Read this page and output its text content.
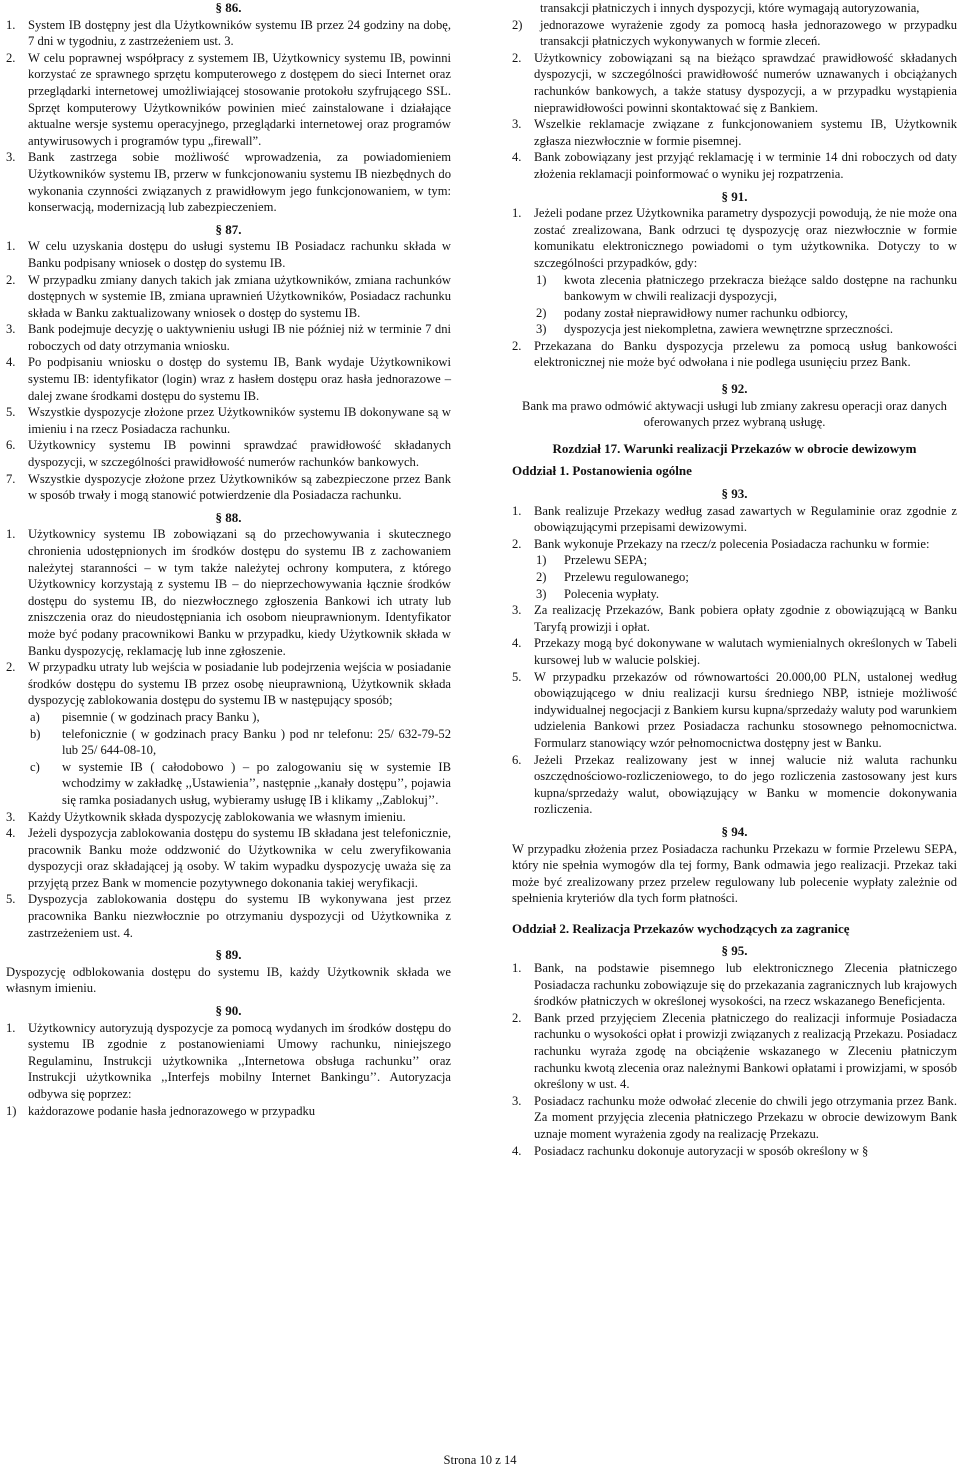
§ 86.
1. System IB dostępny jest dla Użytkowników systemu IB przez 24 godziny na dobę, 7 dni w tygodniu, z zastrzeżeniem ust. 3.
2. W celu poprawnej współpracy z systemem IB, Użytkownicy systemu IB, powinni korzystać ze sprawnego sprzętu komputerowego z dostępem do sieci Internet oraz przeglądarki internetowej umożliwiającej stosowanie protokołu szyfrującego SSL. Sprzęt komputerowy Użytkowników powinien mieć zainstalowane i działające aktualne wersje systemu operacyjnego, przeglądarki internetowej oraz programów antywirusowych i programów typu „firewall”.
3. Bank zastrzega sobie możliwość wprowadzenia, za powiadomieniem Użytkowników systemu IB, przerw w funkcjonowaniu systemu IB niezbędnych do wykonania czynności związanych z prawidłowym jego funkcjonowaniem, w tym: konserwacją, modernizacją lub zabezpieczeniem.
§ 87.
1. W celu uzyskania dostępu do usługi systemu IB Posiadacz rachunku składa w Banku podpisany wniosek o dostęp do systemu IB.
2. W przypadku zmiany danych takich jak zmiana użytkowników, zmiana rachunków dostępnych w systemie IB, zmiana uprawnień Użytkowników, Posiadacz rachunku składa w Banku zaktualizowany wniosek o dostęp do systemu IB.
3. Bank podejmuje decyzję o uaktywnieniu usługi IB nie później niż w terminie 7 dni roboczych od daty otrzymania wniosku.
4. Po podpisaniu wniosku o dostęp do systemu IB, Bank wydaje Użytkownikowi systemu IB: identyfikator (login) wraz z hasłem dostępu oraz hasła jednorazowe – dalej zwane środkami dostępu do systemu IB.
5. Wszystkie dyspozycje złożone przez Użytkowników systemu IB dokonywane są w imieniu i na rzecz Posiadacza rachunku.
6. Użytkownicy systemu IB powinni sprawdzać prawidłowość składanych dyspozycji, w szczególności prawidłowość numerów rachunków bankowych.
7. Wszystkie dyspozycje złożone przez Użytkowników są zabezpieczone przez Bank w sposób trwały i mogą stanowić potwierdzenie dla Posiadacza rachunku.
§ 88.
1. Użytkownicy systemu IB zobowiązani są do przechowywania i skutecznego chronienia udostępnionych im środków dostępu do systemu IB z zachowaniem należytej staranności – w tym także należytej ochrony komputera, z którego Użytkownicy korzystają z systemu IB – do nieprzechowywania łącznie środków dostępu do systemu IB, do niezwłocznego zgłoszenia Bankowi ich utraty lub zniszczenia oraz do nieudostępniania ich osobom nieuprawnionym. Identyfikator może być podany pracownikowi Banku w przypadku, kiedy Użytkownik składa w Banku dyspozycję, reklamację lub inne zgłoszenie.
2. W przypadku utraty lub wejścia w posiadanie lub podejrzenia wejścia w posiadanie środków dostępu do systemu IB przez osobę nieuprawnioną, Użytkownik składa dyspozycję zablokowania dostępu do systemu IB w następujący sposób;
a)	pisemnie ( w godzinach pracy Banku ),
b)	telefonicznie ( w godzinach pracy Banku ) pod nr telefonu: 25/ 632-79-52 lub 25/ 644-08-10,
c)	w systemie IB ( całodobowo ) – po zalogowaniu się w systemie IB wchodzimy w zakładkę ,,Ustawienia’’, następnie ,,kanały dostępu’’, pojawia się ramka posiadanych usług, wybieramy usługę IB i klikamy ,,Zablokuj’’.
3. Każdy Użytkownik składa dyspozycję zablokowania we własnym imieniu.
4. Jeżeli dyspozycja zablokowania dostępu do systemu IB składana jest telefonicznie, pracownik Banku może oddzwonić do Użytkownika w celu zweryfikowania dyspozycji oraz składającej ją osoby. W takim wypadku dyspozycję uważa się za przyjętą przez Bank w momencie pozytywnego dokonania takiej weryfikacji.
5. Dyspozycja zablokowania dostępu do systemu IB wykonywana jest przez pracownika Banku niezwłocznie po otrzymaniu dyspozycji od Użytkownika z zastrzeżeniem ust. 4.
§ 89.

Dyspozycję odblokowania dostępu do systemu IB, każdy Użytkownik składa we własnym imieniu.

§ 90.
1. Użytkownicy autoryzują dyspozycje za pomocą wydanych im środków dostępu do systemu IB zgodnie z postanowieniami Umowy rachunku, niniejszego Regulaminu, Instrukcji użytkownika ,,Internetowa obsługa rachunku’’ oraz Instrukcji użytkownika ,,Interfejs mobilny Internet Bankingu’’. Autoryzacja odbywa się poprzez:
1) każdorazowe podanie hasła jednorazowego w przypadku
transakcji płatniczych i innych dyspozycji, które wymagają autoryzowania,
2)	jednorazowe wyrażenie zgody za pomocą hasła jednorazowego w przypadku transakcji płatniczych wykonywanych w formie zleceń.
2. Użytkownicy zobowiązani są na bieżąco sprawdzać prawidłowość składanych dyspozycji, w szczególności prawidłowość numerów uznawanych i obciążanych rachunków bankowych, a także statusy dyspozycji, a w przypadku wystąpienia nieprawidłowości powinni skontaktować się z Bankiem.
3. Wszelkie reklamacje związane z funkcjonowaniem systemu IB, Użytkownik zgłasza niezwłocznie w formie pisemnej.
4. Bank zobowiązany jest przyjąć reklamację i w terminie 14 dni roboczych od daty złożenia reklamacji poinformować o wyniku jej rozpatrzenia.
§ 91.
1. Jeżeli podane przez Użytkownika parametry dyspozycji powodują, że nie może ona zostać zrealizowana, Bank odrzuci tę dyspozycję oraz niezwłocznie w formie komunikatu elektronicznego powiadomi o tym użytkownika. Dotyczy to w szczególności przypadków, gdy:
1)	kwota zlecenia płatniczego przekracza bieżące saldo dostępne na rachunku bankowym w chwili realizacji dyspozycji,
2)	podany został nieprawidłowy numer rachunku odbiorcy,
3)	dyspozycja jest niekompletna, zawiera wewnętrzne sprzeczności.
2. Przekazana do Banku dyspozycja przelewu za pomocą usług bankowości elektronicznej nie może być odwołana i nie podlega usunięciu przez Bank.
§ 92.

Bank ma prawo odmówić aktywacji usługi lub zmiany zakresu operacji oraz danych oferowanych przez wybraną usługę.

Rozdział 17. Warunki realizacji Przekazów w obrocie dewizowym
Oddział 1. Postanowienia ogólne
§ 93.
1. Bank realizuje Przekazy według zasad zawartych w Regulaminie oraz zgodnie z obowiązującymi przepisami dewizowymi.
2. Bank wykonuje Przekazy na rzecz/z polecenia Posiadacza rachunku w formie:
1)	Przelewu SEPA;
2)	Przelewu regulowanego;
3)	Polecenia wypłaty.
3. Za realizację Przekazów, Bank pobiera opłaty zgodnie z obowiązującą w Banku Taryfą prowizji i opłat.
4. Przekazy mogą być dokonywane w walutach wymienialnych określonych w Tabeli kursowej lub w walucie polskiej.
5. W przypadku przekazów od równowartości 20.000,00 PLN, ustalonej według obowiązującego w dniu realizacji kursu średniego NBP, istnieje możliwość indywidualnej negocjacji z Bankiem kursu kupna/sprzedaży waluty pod warunkiem udzielenia Bankowi przez Posiadacza rachunku stosownego pełnomocnictwa. Formularz stanowiący wzór pełnomocnictwa dostępny jest w Banku.
6. Jeżeli Przekaz realizowany jest w innej walucie niż waluta rachunku oszczędnościowo-rozliczeniowego, to do jego rozliczenia zastosowany jest kurs kupna/sprzedaży walut, obowiązujący w Banku w momencie dokonywania rozliczenia.
§ 94.

W przypadku złożenia przez Posiadacza rachunku Przekazu w formie Przelewu SEPA, który nie spełnia wymogów dla tej formy, Bank odmawia jego realizacji. Przekaz taki może być zrealizowany przez przelew regulowany lub polecenie wypłaty zależnie od spełnienia kryteriów dla tych form płatności.

Oddział 2. Realizacja Przekazów wychodzących za zagranicę
§ 95.
1. Bank, na podstawie pisemnego lub elektronicznego Zlecenia płatniczego Posiadacza rachunku zobowiązuje się do przekazania zagranicznych lub krajowych środków płatniczych w określonej wysokości, na rzecz wskazanego Beneficjenta.
2. Bank przed przyjęciem Zlecenia płatniczego do realizacji informuje Posiadacza rachunku o wysokości opłat i prowizji związanych z realizacją Przekazu. Posiadacz rachunku wyraża zgodę na obciążenie wskazanego w Zleceniu płatniczym rachunku kwotą zlecenia oraz należnymi Bankowi opłatami i prowizjami, w sposób określony w ust. 4.
3. Posiadacz rachunku może odwołać zlecenie do chwili jego otrzymania przez Bank. Za moment przyjęcia zlecenia płatniczego Przekazu w obrocie dewizowym Bank uznaje moment wyrażenia zgody na realizację Przekazu.
4. Posiadacz rachunku dokonuje autoryzacji w sposób określony w §
Strona 10 z 14
